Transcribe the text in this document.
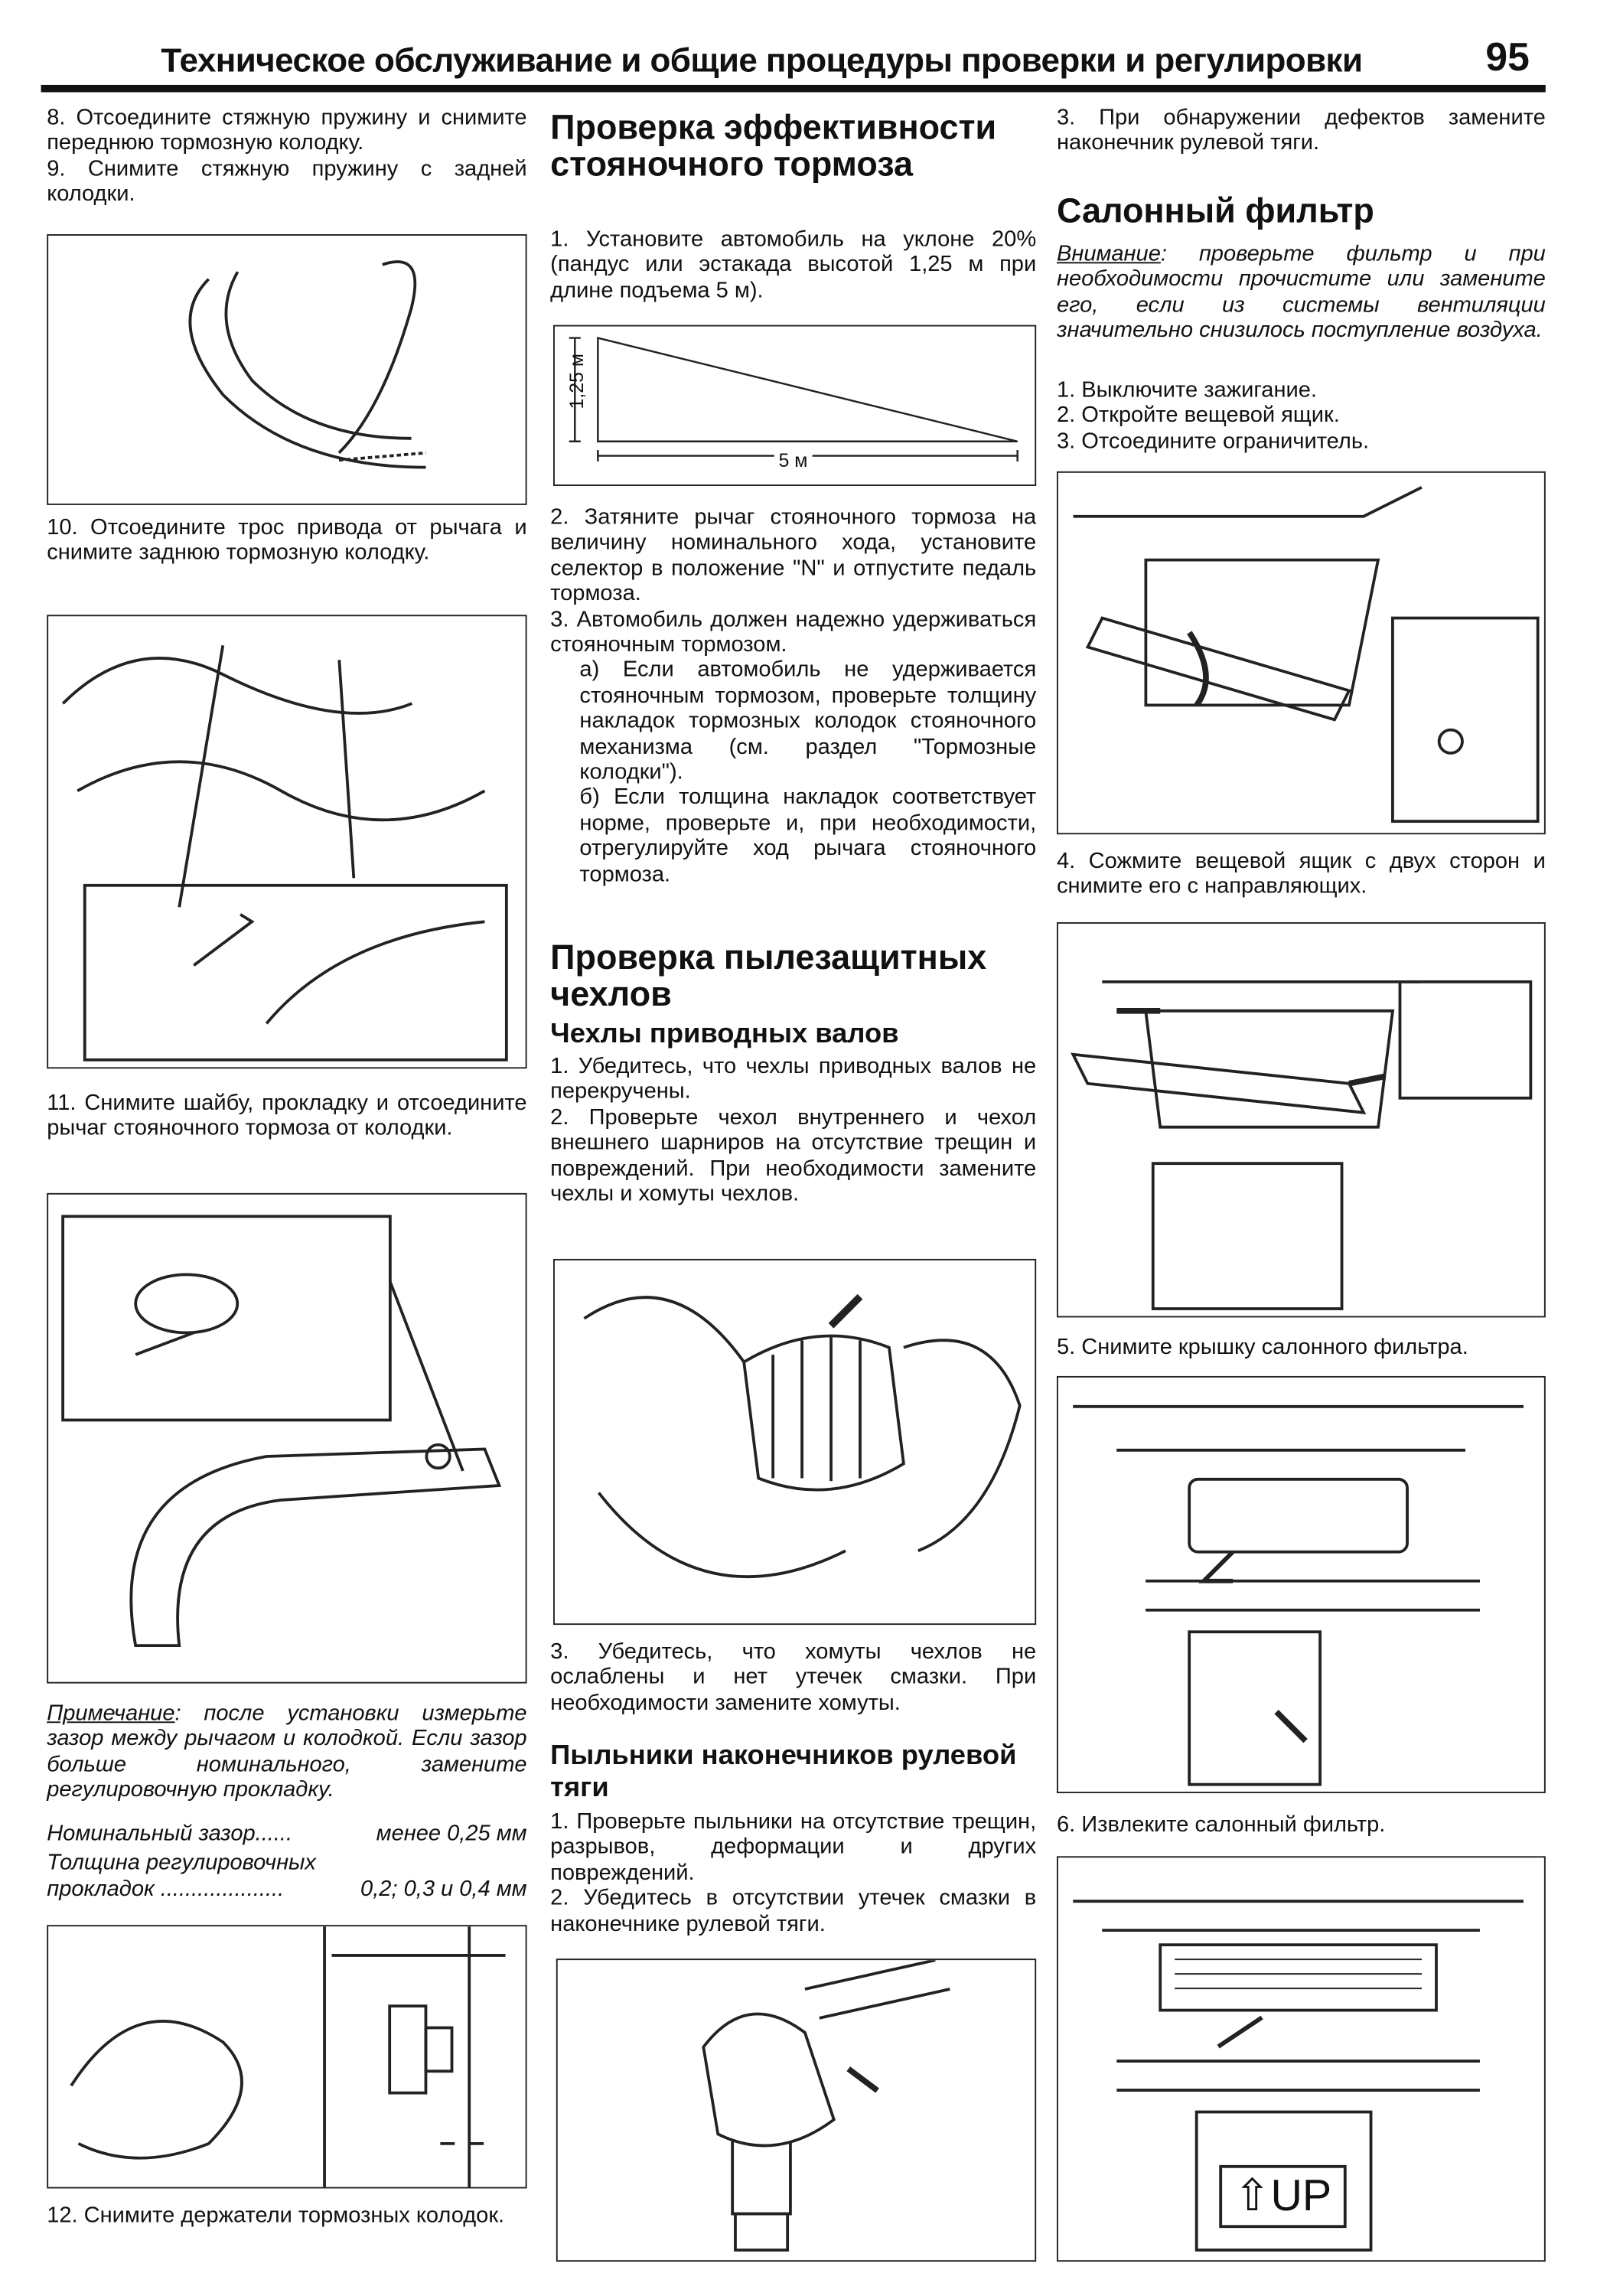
Техническое обслуживание и общие процедуры проверки и регулировки	95

8. Отсоедините стяжную пружину и снимите переднюю тормозную колодку.

9. Снимите стяжную пружину с задней колодки.

10. Отсоедините трос привода от рычага и снимите заднюю тормозную колодку.
11. Снимите шайбу, прокладку и отсоедините рычаг стояночного тормоза от колодки.
Примечание: после установки измерьте зазор между рычагом и колодкой. Если зазор больше номинального, замените регулировочную прокладку.
Номинальный зазор......	менее 0,25 мм
Толщина регулировочных
прокладок ....................	0,2; 0,3 и 0,4 мм
12. Снимите держатели тормозных колодок.
Проверка эффективности стояночного тормоза
1. Установите автомобиль на уклоне 20% (пандус или эстакада высотой 1,25 м при длине подъема 5 м).
1,25 м
5 м

2. Затяните рычаг стояночного тормоза на величину номинального хода, установите селектор в положение "N" и отпустите педаль тормоза.

3. Автомобиль должен надежно удерживаться стояночным тормозом.

а) Если автомобиль не удерживается стояночным тормозом, проверьте толщину накладок тормозных колодок стояночного механизма (см. раздел "Тормозные колодки").

б) Если толщина накладок соответствует норме, проверьте и, при необходимости, отрегулируйте ход рычага стояночного тормоза.

Проверка пылезащитных чехлов
Чехлы приводных валов

1. Убедитесь, что чехлы приводных валов не перекручены.

2. Проверьте чехол внутреннего и чехол внешнего шарниров на отсутствие трещин и повреждений. При необходимости замените чехлы и хомуты чехлов.

3. Убедитесь, что хомуты чехлов не ослаблены и нет утечек смазки. При необходимости замените хомуты.
Пыльники наконечников рулевой тяги

1. Проверьте пыльники на отсутствие трещин, разрывов, деформации и других повреждений.

2. Убедитесь в отсутствии утечек смазки в наконечнике рулевой тяги.

3. При обнаружении дефектов замените наконечник рулевой тяги.
Салонный фильтр
Внимание: проверьте фильтр и при необходимости прочистите или замените его, если из системы вентиляции значительно снизилось поступление воздуха.

1. Выключите зажигание.

2. Откройте вещевой ящик.

3. Отсоедините ограничитель.

4. Сожмите вещевой ящик с двух сторон и снимите его с направляющих.
5. Снимите крышку салонного фильтра.
6. Извлеките салонный фильтр.
⇧UP
